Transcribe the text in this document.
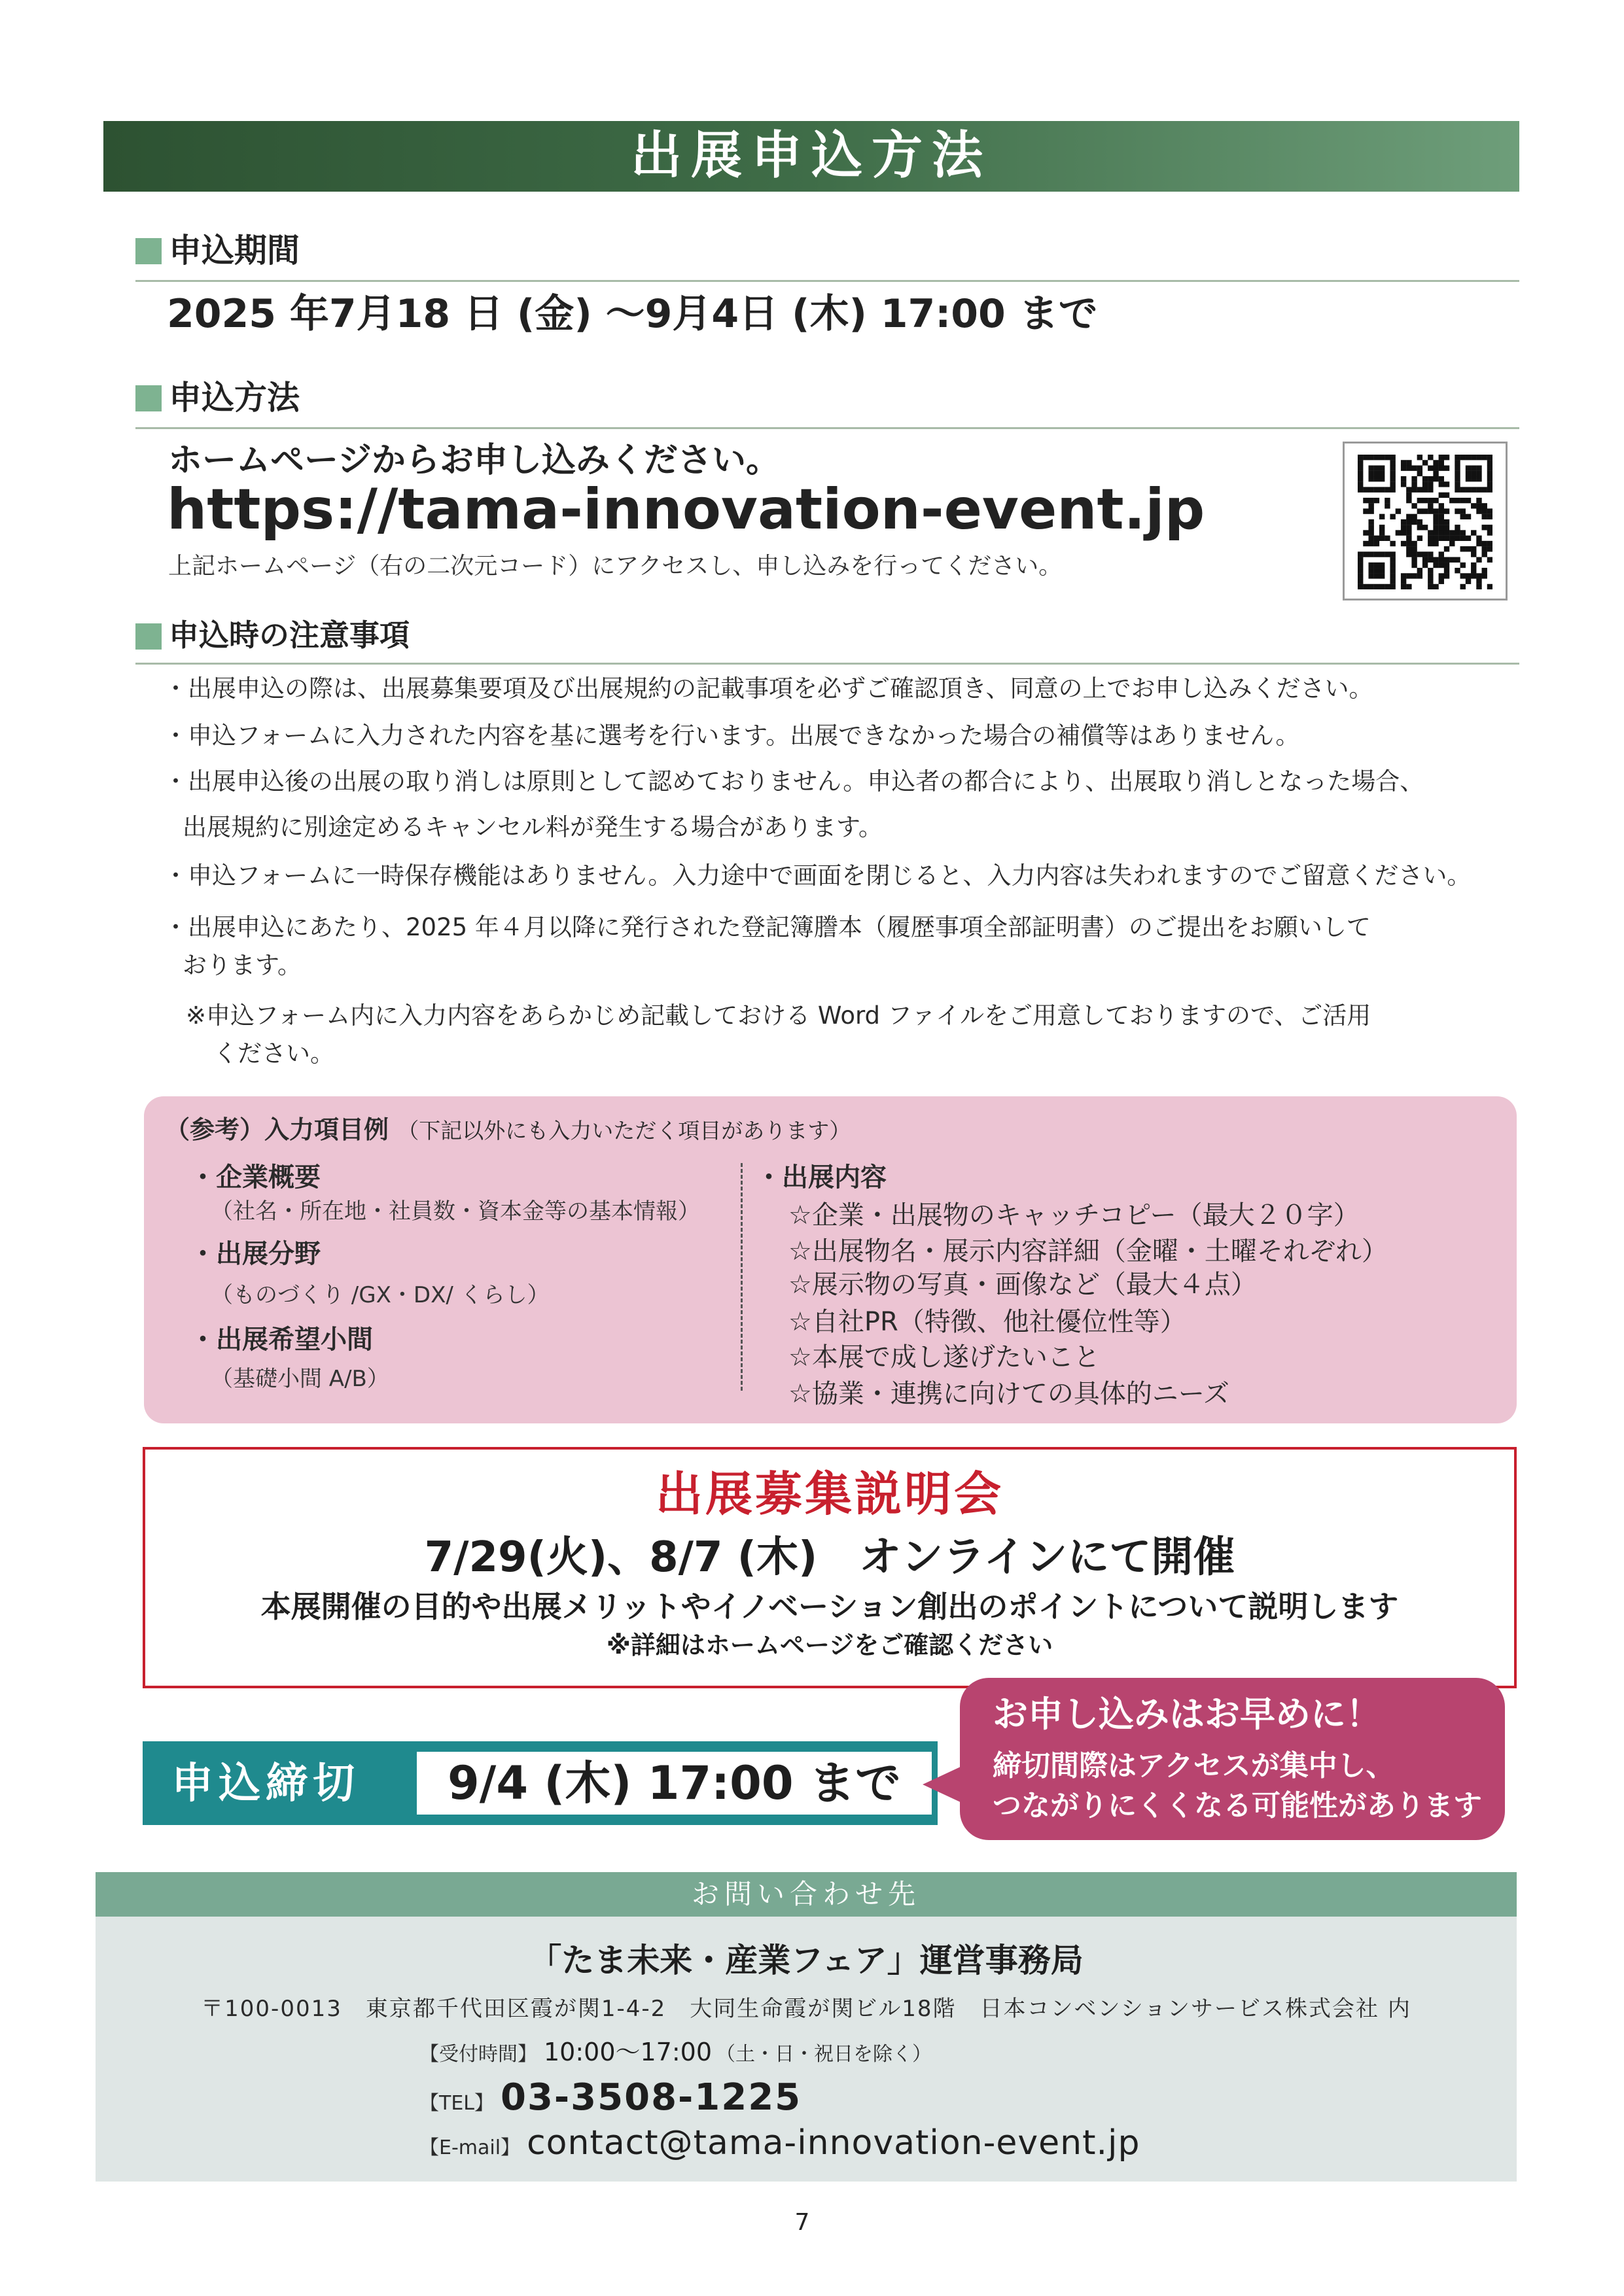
出展申込方法
申込期間
2025 年7月18 日 (金) ～9月4日 (木) 17:00 まで
申込方法
ホームページからお申し込みください。
https://tama-innovation-event.jp
上記ホームページ（右の二次元コード）にアクセスし、申し込みを行ってください。
申込時の注意事項
・出展申込の際は、出展募集要項及び出展規約の記載事項を必ずご確認頂き、同意の上でお申し込みください。
・申込フォームに入力された内容を基に選考を行います。出展できなかった場合の補償等はありません。
・出展申込後の出展の取り消しは原則として認めておりません。申込者の都合により、出展取り消しとなった場合、
出展規約に別途定めるキャンセル料が発生する場合があります。
・申込フォームに一時保存機能はありません。入力途中で画面を閉じると、入力内容は失われますのでご留意ください。
・出展申込にあたり、2025 年４月以降に発行された登記簿謄本（履歴事項全部証明書）のご提出をお願いして
おります。
※申込フォーム内に入力内容をあらかじめ記載しておける Word ファイルをご用意しておりますので、ご活用
ください。
（参考）入力項目例 （下記以外にも入力いただく項目があります）
・企業概要
（社名・所在地・社員数・資本金等の基本情報）
・出展分野
（ものづくり /GX・DX/ くらし）
・出展希望小間
（基礎小間 A/B）
・出展内容
☆企業・出展物のキャッチコピー（最大２０字）
☆出展物名・展示内容詳細（金曜・土曜それぞれ）
☆展示物の写真・画像など（最大４点）
☆自社PR（特徴、他社優位性等）
☆本展で成し遂げたいこと
☆協業・連携に向けての具体的ニーズ
出展募集説明会
7/29(火)、8/7 (木)　オンラインにて開催
本展開催の目的や出展メリットやイノベーション創出のポイントについて説明します
※詳細はホームページをご確認ください
申込締切 9/4 (木) 17:00 まで
お申し込みはお早めに！
締切間際はアクセスが集中し、
つながりにくくなる可能性があります
お問い合わせ先
「たま未来・産業フェア」運営事務局
〒100-0013　東京都千代田区霞が関1-4-2　大同生命霞が関ビル18階　日本コンベンションサービス株式会社 内
【受付時間】 10:00～17:00 （土・日・祝日を除く）
【TEL】 03-3508-1225
【E-mail】 contact@tama-innovation-event.jp
7
